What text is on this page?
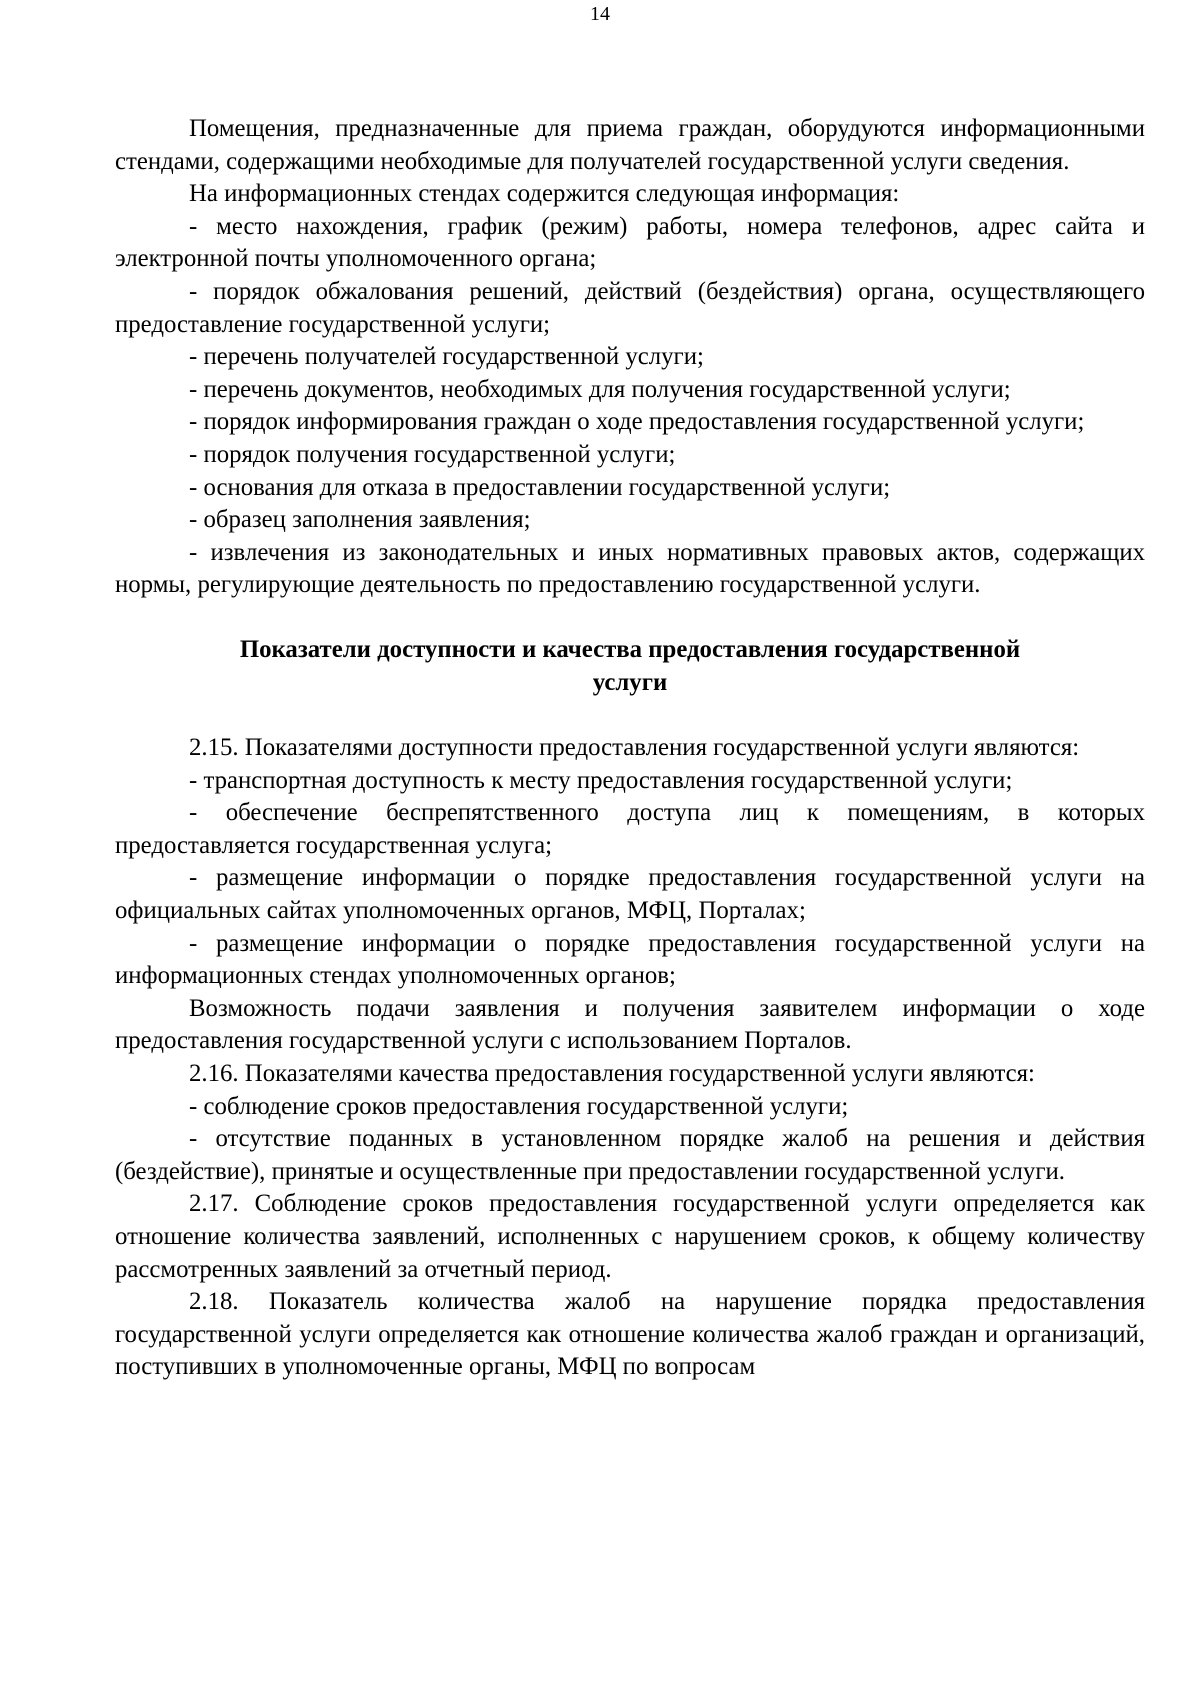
14

Помещения, предназначенные для приема граждан, оборудуются информационными стендами, содержащими необходимые для получателей государственной услуги сведения.

На информационных стендах содержится следующая информация:

- место нахождения, график (режим) работы, номера телефонов, адрес сайта и электронной почты уполномоченного органа;

- порядок обжалования решений, действий (бездействия) органа, осуществляющего предоставление государственной услуги;

- перечень получателей государственной услуги;

- перечень документов, необходимых для получения государственной услуги;

- порядок информирования граждан о ходе предоставления государственной услуги;

- порядок получения государственной услуги;

- основания для отказа в предоставлении государственной услуги;

- образец заполнения заявления;

- извлечения из законодательных и иных нормативных правовых актов, содержащих нормы, регулирующие деятельность по предоставлению государственной услуги.

Показатели доступности и качества предоставления государственной
услуги

2.15. Показателями доступности предоставления государственной услуги являются:

- транспортная доступность к месту предоставления государственной услуги;

- обеспечение беспрепятственного доступа лиц к помещениям, в которых предоставляется государственная услуга;

- размещение информации о порядке предоставления государственной услуги на официальных сайтах уполномоченных органов, МФЦ, Порталах;

- размещение информации о порядке предоставления государственной услуги на информационных стендах уполномоченных органов;

Возможность подачи заявления и получения заявителем информации о ходе предоставления государственной услуги с использованием Порталов.

2.16. Показателями качества предоставления государственной услуги являются:

- соблюдение сроков предоставления государственной услуги;

- отсутствие поданных в установленном порядке жалоб на решения и действия (бездействие), принятые и осуществленные при предоставлении государственной услуги.

2.17. Соблюдение сроков предоставления государственной услуги определяется как отношение количества заявлений, исполненных с нарушением сроков, к общему количеству рассмотренных заявлений за отчетный период.

2.18. Показатель количества жалоб на нарушение порядка предоставления государственной услуги определяется как отношение количества жалоб граждан и организаций, поступивших в уполномоченные органы, МФЦ по вопросам
